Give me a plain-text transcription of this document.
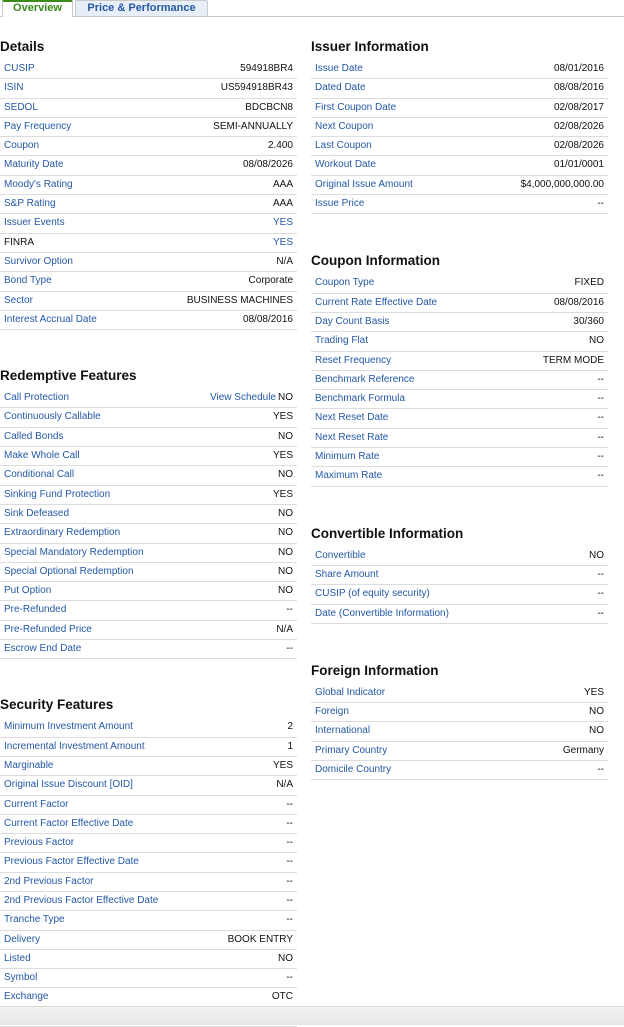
Overview	Price & Performance
Details
CUSIP	594918BR4
ISIN	US594918BR43
SEDOL	BDCBCN8
Pay Frequency	SEMI-ANNUALLY
Coupon	2.400
Maturity Date	08/08/2026
Moody's Rating	AAA
S&P Rating	AAA
Issuer Events	YES
FINRA	YES
Survivor Option	N/A
Bond Type	Corporate
Sector	BUSINESS MACHINES
Interest Accrual Date	08/08/2016
Redemptive Features
Call Protection	View Schedule NO
Continuously Callable	YES
Called Bonds	NO
Make Whole Call	YES
Conditional Call	NO
Sinking Fund Protection	YES
Sink Defeased	NO
Extraordinary Redemption	NO
Special Mandatory Redemption	NO
Special Optional Redemption	NO
Put Option	NO
Pre-Refunded	--
Pre-Refunded Price	N/A
Escrow End Date	--
Security Features
Minimum Investment Amount	2
Incremental Investment Amount	1
Marginable	YES
Original Issue Discount [OID]	N/A
Current Factor	--
Current Factor Effective Date	--
Previous Factor	--
Previous Factor Effective Date	--
2nd Previous Factor	--
2nd Previous Factor Effective Date	--
Tranche Type	--
Delivery	BOOK ENTRY
Listed	NO
Symbol	--
Exchange	OTC
Issuer Information
Issue Date	08/01/2016
Dated Date	08/08/2016
First Coupon Date	02/08/2017
Next Coupon	02/08/2026
Last Coupon	02/08/2026
Workout Date	01/01/0001
Original Issue Amount	$4,000,000,000.00
Issue Price	--
Coupon Information
Coupon Type	FIXED
Current Rate Effective Date	08/08/2016
Day Count Basis	30/360
Trading Flat	NO
Reset Frequency	TERM MODE
Benchmark Reference	--
Benchmark Formula	--
Next Reset Date	--
Next Reset Rate	--
Minimum Rate	--
Maximum Rate	--
Convertible Information
Convertible	NO
Share Amount	--
CUSIP (of equity security)	--
Date (Convertible Information)	--
Foreign Information
Global Indicator	YES
Foreign	NO
International	NO
Primary Country	Germany
Domicile Country	--
